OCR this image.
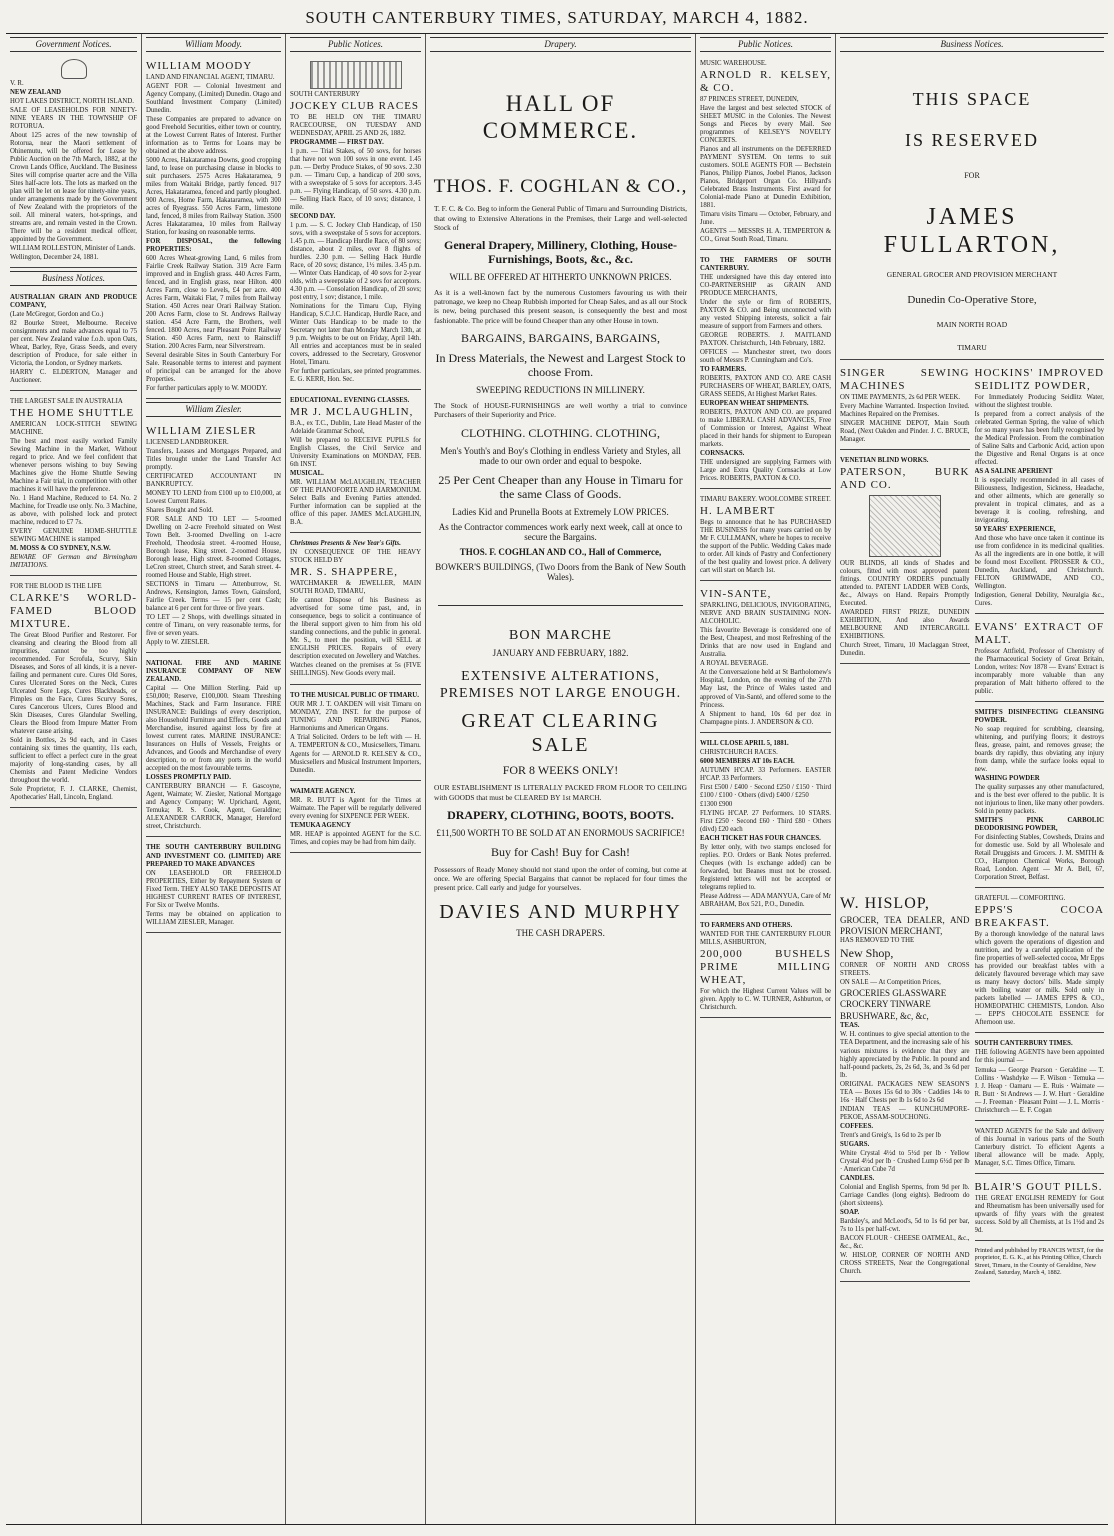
SOUTH CANTERBURY TIMES, SATURDAY, MARCH 4, 1882.
Government Notices.

V. R.

NEW ZEALAND

HOT LAKES DISTRICT, NORTH ISLAND.

SALE OF LEASEHOLDS FOR NINETY-NINE YEARS IN THE TOWNSHIP OF ROTORUA.

About 125 acres of the new township of Rotorua, near the Maori settlement of Ohinemutu, will be offered for Lease by Public Auction on the 7th March, 1882, at the Crown Lands Office, Auckland. The Business Sites will comprise quarter acre and the Villa Sites half-acre lots. The lots as marked on the plan will be let on lease for ninety-nine years, under arrangements made by the Government of New Zealand with the proprietors of the soil. All mineral waters, hot-springs, and streams are, and remain vested in the Crown. There will be a resident medical officer, appointed by the Government.

WILLIAM ROLLESTON, Minister of Lands.

Wellington, December 24, 1881.

Business Notices.

AUSTRALIAN GRAIN AND PRODUCE COMPANY,

(Late McGregor, Gordon and Co.)

82 Bourke Street, Melbourne. Receive consignments and make advances equal to 75 per cent. New Zealand value f.o.b. upon Oats, Wheat, Barley, Rye, Grass Seeds, and every description of Produce, for sale either in Victoria, the London, or Sydney markets.

HARRY C. ELDERTON, Manager and Auctioneer.

THE LARGEST SALE IN AUSTRALIA

THE HOME SHUTTLE

AMERICAN LOCK-STITCH SEWING MACHINE.

The best and most easily worked Family Sewing Machine in the Market, Without regard to price. And we feel confident that whenever persons wishing to buy Sewing Machines give the Home Shuttle Sewing Machine a Fair trial, in competition with other machines it will have the preference.

No. 1 Hand Machine, Reduced to £4. No. 2 Machine, for Treadle use only. No. 3 Machine, as above, with polished lock and protect machine, reduced to £7 7s.

EVERY GENUINE HOME-SHUTTLE SEWING MACHINE is stamped

M. MOSS & CO SYDNEY, N.S.W.

BEWARE OF German and Birmingham IMITATIONS.

FOR THE BLOOD IS THE LIFE

CLARKE'S WORLD-FAMED BLOOD MIXTURE.

The Great Blood Purifier and Restorer. For cleansing and clearing the Blood from all impurities, cannot be too highly recommended. For Scrofula, Scurvy, Skin Diseases, and Sores of all kinds, it is a never-failing and permanent cure. Cures Old Sores, Cures Ulcerated Sores on the Neck, Cures Ulcerated Sore Legs, Cures Blackheads, or Pimples on the Face, Cures Scurvy Sores, Cures Cancerous Ulcers, Cures Blood and Skin Diseases, Cures Glandular Swelling, Clears the Blood from Impure Matter From whatever cause arising.

Sold in Bottles, 2s 9d each, and in Cases containing six times the quantity, 11s each, sufficient to effect a perfect cure in the great majority of long-standing cases, by all Chemists and Patent Medicine Vendors throughout the world.

Sole Proprietor, F. J. CLARKE, Chemist, Apothecaries' Hall, Lincoln, England.

William Moody.

WILLIAM MOODY

LAND AND FINANCIAL AGENT, TIMARU.

AGENT FOR — Colonial Investment and Agency Company, (Limited) Dunedin. Otago and Southland Investment Company (Limited) Dunedin.

These Companies are prepared to advance on good Freehold Securities, either town or country, at the Lowest Current Rates of Interest. Further information as to Terms for Loans may be obtained at the above address.

5000 Acres, Hakataramea Downs, good cropping land, to lease on purchasing clause in blocks to suit purchasers. 2575 Acres Hakataramea, 9 miles from Waitaki Bridge, partly fenced. 917 Acres, Hakataramea, fenced and partly ploughed. 900 Acres, Home Farm, Hakataramea, with 300 acres of Ryegrass. 550 Acres Farm, limestone land, fenced, 8 miles from Railway Station. 3500 Acres Hakataramea, 10 miles from Railway Station, for leasing on reasonable terms.

FOR DISPOSAL, the following PROPERTIES:

600 Acres Wheat-growing Land, 6 miles from Fairlie Creek Railway Station. 319 Acre Farm improved and in English grass. 440 Acres Farm, fenced, and in English grass, near Hilton. 400 Acres Farm, close to Levels, £4 per acre. 400 Acres Farm, Waitaki Flat, 7 miles from Railway Station. 450 Acres near Orari Railway Station. 200 Acres Farm, close to St. Andrews Railway station. 454 Acre Farm, the Brothers, well fenced. 1800 Acres, near Pleasant Point Railway Station. 450 Acres Farm, next to Rainscliff Station. 200 Acres Farm, near Silverstream.

Several desirable Sites in South Canterbury For Sale. Reasonable terms to interest and payment of principal can be arranged for the above Properties.

For further particulars apply to W. MOODY.

William Ziesler.

WILLIAM ZIESLER

LICENSED LANDBROKER.

Transfers, Leases and Mortgages Prepared, and Titles brought under the Land Transfer Act promptly.

CERTIFICATED ACCOUNTANT IN BANKRUPTCY.

MONEY TO LEND from £100 up to £10,000, at Lowest Current Rates.

Shares Bought and Sold.

FOR SALE AND TO LET — 5-roomed Dwelling on 2-acre Freehold situated on West Town Belt. 3-roomed Dwelling on 1-acre Freehold, Theodosia street. 4-roomed House, Borough lease, King street. 2-roomed House, Borough lease, High street. 8-roomed Cottages, LeCren street, Church street, and Sarah street. 4-roomed House and Stable, High street.

SECTIONS in Timaru — Attenburrow, St. Andrews, Kensington, James Town, Gainsford, Fairlie Creek. Terms — 15 per cent Cash; balance at 6 per cent for three or five years.

TO LET — 2 Shops, with dwellings situated in centre of Timaru, on very reasonable terms, for five or seven years.

Apply to W. ZIESLER.

NATIONAL FIRE AND MARINE INSURANCE COMPANY OF NEW ZEALAND.

Capital — One Million Sterling. Paid up £50,000; Reserve, £100,000. Steam Threshing Machines, Stack and Farm Insurance. FIRE INSURANCE: Buildings of every description, also Household Furniture and Effects, Goods and Merchandise, insured against loss by fire at lowest current rates. MARINE INSURANCE: Insurances on Hulls of Vessels, Freights or Advances, and Goods and Merchandise of every description, to or from any ports in the world accepted on the most favourable terms.

LOSSES PROMPTLY PAID.

CANTERBURY BRANCH — F. Gascoyne, Agent, Waimate; W. Ziesler, National Mortgage and Agency Company; W. Uprichard, Agent, Temuka; R. S. Cook, Agent, Geraldine; ALEXANDER CARRICK, Manager, Hereford street, Christchurch.

THE SOUTH CANTERBURY BUILDING AND INVESTMENT CO. (LIMITED) ARE PREPARED TO MAKE ADVANCES

ON LEASEHOLD OR FREEHOLD PROPERTIES, Either by Repayment System or Fixed Term. THEY ALSO TAKE DEPOSITS AT HIGHEST CURRENT RATES OF INTEREST, For Six or Twelve Months.

Terms may be obtained on application to WILLIAM ZIESLER, Manager.

Public Notices.

SOUTH CANTERBURY

JOCKEY CLUB RACES

TO BE HELD ON THE TIMARU RACECOURSE, ON TUESDAY AND WEDNESDAY, APRIL 25 AND 26, 1882.

PROGRAMME — FIRST DAY.

1 p.m. — Trial Stakes, of 50 sovs, for horses that have not won 100 sovs in one event. 1.45 p.m. — Derby Produce Stakes, of 90 sovs. 2.30 p.m. — Timaru Cup, a handicap of 200 sovs, with a sweepstake of 5 sovs for acceptors. 3.45 p.m. — Flying Handicap, of 50 sovs. 4.30 p.m. — Selling Hack Race, of 10 sovs; distance, 1 mile.

SECOND DAY.

1 p.m. — S. C. Jockey Club Handicap, of 150 sovs, with a sweepstake of 5 sovs for acceptors. 1.45 p.m. — Handicap Hurdle Race, of 80 sovs; distance, about 2 miles, over 8 flights of hurdles. 2.30 p.m. — Selling Hack Hurdle Race, of 20 sovs; distance, 1½ miles. 3.45 p.m. — Winter Oats Handicap, of 40 sovs for 2-year olds, with a sweepstake of 2 sovs for acceptors. 4.30 p.m. — Consolation Handicap, of 20 sovs; post entry, 1 sov; distance, 1 mile.

Nominations for the Timaru Cup, Flying Handicap, S.C.J.C. Handicap, Hurdle Race, and Winter Oats Handicap to be made to the Secretary not later than Monday March 13th, at 9 p.m. Weights to be out on Friday, April 14th. All entries and acceptances must be in sealed covers, addressed to the Secretary, Grosvenor Hotel, Timaru.

For further particulars, see printed programmes. E. G. KERR, Hon. Sec.

EDUCATIONAL. EVENING CLASSES.

MR J. MCLAUGHLIN,

B.A., ex T.C., Dublin, Late Head Master of the Adelaide Grammar School,

Will be prepared to RECEIVE PUPILS for English Classes, the Civil Service and University Examinations on MONDAY, FEB. 6th INST.

MUSICAL.

MR. WILLIAM McLAUGHLIN, TEACHER OF THE PIANOFORTE AND HARMONIUM. Select Balls and Evening Parties attended. Further information can be supplied at the office of this paper. JAMES McLAUGHLIN, B.A.

Christmas Presents & New Year's Gifts.

IN CONSEQUENCE OF THE HEAVY STOCK HELD BY

MR. S. SHAPPERE,

WATCHMAKER & JEWELLER, MAIN SOUTH ROAD, TIMARU,

He cannot Dispose of his Business as advertised for some time past, and, in consequence, begs to solicit a continuance of the liberal support given to him from his old standing connections, and the public in general. Mr. S., to meet the position, will SELL at ENGLISH PRICES. Repairs of every description executed on Jewellery and Watches.

Watches cleaned on the premises at 5s (FIVE SHILLINGS). New Goods every mail.

TO THE MUSICAL PUBLIC OF TIMARU.

OUR MR J. T. OAKDEN will visit Timaru on MONDAY, 27th INST. for the purpose of TUNING AND REPAIRING Pianos, Harmoniums and American Organs.

A Trial Solicited. Orders to be left with — H. A. TEMPERTON & CO., Musicsellers, Timaru.

Agents for — ARNOLD R. KELSEY & CO., Musicsellers and Musical Instrument Importers, Dunedin.

WAIMATE AGENCY.

MR. R. BUTT is Agent for the Times at Waimate. The Paper will be regularly delivered every evening for SIXPENCE PER WEEK.

TEMUKA AGENCY

MR. HEAP is appointed AGENT for the S.C. Times, and copies may be had from him daily.

Drapery.
HALL OF COMMERCE.
THOS. F. COGHLAN & CO.,
T. F. C. & Co. Beg to inform the General Public of Timaru and Surrounding Districts, that owing to Extensive Alterations in the Premises, their Large and well-selected Stock of
General Drapery, Millinery, Clothing, House-Furnishings, Boots, &c., &c.
WILL BE OFFERED AT HITHERTO UNKNOWN PRICES.
As it is a well-known fact by the numerous Customers favouring us with their patronage, we keep no Cheap Rubbish imported for Cheap Sales, and as all our Stock is new, being purchased this present season, is consequently the best and most fashionable. The price will be found Cheaper than any other House in town.
BARGAINS, BARGAINS, BARGAINS,
In Dress Materials, the Newest and Largest Stock to choose From.
SWEEPING REDUCTIONS IN MILLINERY.
The Stock of HOUSE-FURNISHINGS are well worthy a trial to convince Purchasers of their Superiority and Price.
CLOTHING. CLOTHING. CLOTHING,
Men's Youth's and Boy's Clothing in endless Variety and Styles, all made to our own order and equal to bespoke.
25 Per Cent Cheaper than any House in Timaru for the same Class of Goods.
Ladies Kid and Prunella Boots at Extremely LOW PRICES.
As the Contractor commences work early next week, call at once to secure the Bargains.
THOS. F. COGHLAN AND CO., Hall of Commerce,
BOWKER'S BUILDINGS, (Two Doors from the Bank of New South Wales).
BON MARCHE
JANUARY AND FEBRUARY, 1882.
EXTENSIVE ALTERATIONS, PREMISES NOT LARGE ENOUGH.
GREAT CLEARING SALE
FOR 8 WEEKS ONLY!
OUR ESTABLISHMENT IS LITERALLY PACKED FROM FLOOR TO CEILING with GOODS that must be CLEARED BY 1st MARCH.
DRAPERY, CLOTHING, BOOTS, BOOTS.
£11,500 WORTH TO BE SOLD AT AN ENORMOUS SACRIFICE!
Buy for Cash! Buy for Cash!
Possessors of Ready Money should not stand upon the order of coming, but come at once. We are offering Special Bargains that cannot be replaced for four times the present price. Call early and judge for yourselves.
DAVIES AND MURPHY
THE CASH DRAPERS.
Public Notices.

MUSIC WAREHOUSE.

ARNOLD R. KELSEY, & CO.

87 PRINCES STREET, DUNEDIN,

Have the largest and best selected STOCK of SHEET MUSIC in the Colonies. The Newest Songs and Pieces by every Mail. See programmes of KELSEY'S NOVELTY CONCERTS.

Pianos and all instruments on the DEFERRED PAYMENT SYSTEM. On terms to suit customers. SOLE AGENTS FOR — Bechstein Pianos, Philipp Pianos, Joebel Pianos, Jackson Pianos, Bridgeport Organ Co. Hillyard's Celebrated Brass Instruments. First award for Colonial-made Piano at Dunedin Exhibition, 1881.

Timaru visits Timaru — October, February, and June.

AGENTS — MESSRS H. A. TEMPERTON & CO., Great South Road, Timaru.

TO THE FARMERS OF SOUTH CANTERBURY.

THE undersigned have this day entered into CO-PARTNERSHIP as GRAIN AND PRODUCE MERCHANTS,

Under the style or firm of ROBERTS, PAXTON & CO. and Being unconnected with any vested Shipping interests, solicit a fair measure of support from Farmers and others.

GEORGE ROBERTS. J. MAITLAND PAXTON. Christchurch, 14th February, 1882.

OFFICES — Manchester street, two doors south of Messrs P. Cunningham and Co's.

TO FARMERS.

ROBERTS, PAXTON AND CO. ARE CASH PURCHASERS OF WHEAT, BARLEY, OATS, GRASS SEEDS, At Highest Market Rates.

EUROPEAN WHEAT SHIPMENTS.

ROBERTS, PAXTON AND CO. are prepared to make LIBERAL CASH ADVANCES, Free of Commission or Interest, Against Wheat placed in their hands for shipment to European markets.

CORNSACKS.

THE undersigned are supplying Farmers with Large and Extra Quality Cornsacks at Low Prices. ROBERTS, PAXTON & CO.

TIMARU BAKERY. WOOLCOMBE STREET.

H. LAMBERT

Begs to announce that he has PURCHASED THE BUSINESS for many years carried on by Mr F. CULLMANN, where he hopes to receive the support of the Public. Wedding Cakes made to order. All kinds of Pastry and Confectionery of the best quality and lowest price. A delivery cart will start on March 1st.

VIN-SANTE,

SPARKLING, DELICIOUS, INVIGORATING, NERVE AND BRAIN SUSTAINING NON-ALCOHOLIC.

This favourite Beverage is considered one of the Best, Cheapest, and most Refreshing of the Drinks that are now used in England and Australia.

A ROYAL BEVERAGE.

At the Conversazione held at St Bartholomew's Hospital, London, on the evening of the 27th May last, the Prince of Wales tasted and approved of Vin-Santé, and offered some to the Princess.

A Shipment to hand, 10s 6d per doz in Champagne pints. J. ANDERSON & CO.

WILL CLOSE APRIL 5, 1881.

CHRISTCHURCH RACES.

6000 MEMBERS AT 10s EACH.

AUTUMN H'CAP. 33 Performers. EASTER H'CAP. 33 Performers.

First £500 / £400 · Second £250 / £150 · Third £100 / £100 · Others (divd) £400 / £250

£1300 £900

FLYING H'CAP. 27 Performers. 10 STARS. First £250 · Second £60 · Third £80 · Others (divd) £20 each

EACH TICKET HAS FOUR CHANCES.

By letter only, with two stamps enclosed for replies. P.O. Orders or Bank Notes preferred. Cheques (with 1s exchange added) can be forwarded, but Beanes must not be crossed. Registered letters will not be accepted or telegrams replied to.

Please Address — ADA MANYUA, Care of Mr ABRAHAM, Box 521, P.O., Dunedin.

TO FARMERS AND OTHERS.

WANTED FOR THE CANTERBURY FLOUR MILLS, ASHBURTON,

200,000 BUSHELS PRIME MILLING WHEAT,

For which the Highest Current Values will be given. Apply to C. W. TURNER, Ashburton, or Christchurch.

Business Notices.
THIS SPACE
IS RESERVED
FOR
JAMES FULLARTON,
GENERAL GROCER AND PROVISION MERCHANT
Dunedin Co-Operative Store,
MAIN NORTH ROAD
TIMARU

SINGER SEWING MACHINES

ON TIME PAYMENTS, 2s 6d PER WEEK.

Every Machine Warranted. Inspection Invited. Machines Repaired on the Premises.

SINGER MACHINE DEPOT, Main South Road, (Next Oakden and Pinder. J. C. BRUCE, Manager.

VENETIAN BLIND WORKS.

PATERSON, BURK AND CO.

OUR BLINDS, all kinds of Shades and colours, fitted with most approved patent fittings. COUNTRY ORDERS punctually attended to. PATENT LADDER WEB Cords, &c., Always on Hand. Repairs Promptly Executed.

AWARDED FIRST PRIZE, DUNEDIN EXHIBITION, And also Awards MELBOURNE AND INTERCARGILL EXHIBITIONS.

Church Street, Timaru, 10 Maclaggan Street, Dunedin.

HOCKINS' IMPROVED SEIDLITZ POWDER,

For Immediately Producing Seidlitz Water, without the slightest trouble.

Is prepared from a correct analysis of the celebrated German Spring, the value of which for so many years has been fully recognised by the Medical Profession. From the combination of Saline Salts and Carbonic Acid, action upon the Digestive and Renal Organs is at once effected.

AS A SALINE APERIENT

It is especially recommended in all cases of Biliousness, Indigestion, Sickness, Headache, and other ailments, which are generally so prevalent in tropical climates, and as a beverage it is cooling, refreshing, and invigorating.

50 YEARS' EXPERIENCE,

And those who have once taken it continue its use from confidence in its medicinal qualities. As all the ingredients are in one bottle, it will be found most Excellent. PROSSER & CO., Dunedin, Auckland, and Christchurch. FELTON GRIMWADE, AND CO., Wellington.

Indigestion, General Debility, Neuralgia &c., Cures.

EVANS' EXTRACT OF MALT.

Professor Attfield, Professor of Chemistry of the Pharmaceutical Society of Great Britain, London, writes: Nov 1878 — Evans' Extract is incomparably more valuable than any preparation of Malt hitherto offered to the public.

SMITH'S DISINFECTING CLEANSING POWDER.

No soap required for scrubbing, cleansing, whitening, and purifying floors; it destroys fleas, grease, paint, and removes grease; the boards dry rapidly, thus obviating any injury from damp, while the surface looks equal to new.

WASHING POWDER

The quality surpasses any other manufactured, and is the best ever offered to the public. It is not injurious to linen, like many other powders. Sold in penny packets.

SMITH'S PINK CARBOLIC DEODORISING POWDER,

For disinfecting Stables, Cowsheds, Drains and for domestic use. Sold by all Wholesale and Retail Druggists and Grocers. J. M. SMITH & CO., Hampton Chemical Works, Borough Road, London. Agent — Mr A. Bell, 67, Corporation Street, Belfast.

W. HISLOP,

GROCER, TEA DEALER, AND PROVISION MERCHANT,

HAS REMOVED TO THE

New Shop,

CORNER OF NORTH AND CROSS STREETS.

ON SALE — At Competition Prices,

GROCERIES GLASSWARE

CROCKERY TINWARE

BRUSHWARE, &c, &c,

TEAS.

W. H. continues to give special attention to the TEA Department, and the increasing sale of his various mixtures is evidence that they are highly appreciated by the Public. In pound and half-pound packets, 2s, 2s 6d, 3s, and 3s 6d per lb.

ORIGINAL PACKAGES NEW SEASON'S TEA — Boxes 15s 6d to 30s · Caddies 14s to 16s · Half Chests per lb 1s 6d to 2s 6d

INDIAN TEAS — KUNCHUMPORE-PEKOE, ASSAM-SOUCHONG.

COFFEES.

Trent's and Greig's, 1s 6d to 2s per lb

SUGARS.

White Crystal 4½d to 5½d per lb · Yellow Crystal 4½d per lb · Crushed Lump 6½d per lb · American Cube 7d

CANDLES.

Colonial and English Sperms, from 9d per lb. Carriage Candles (long eights). Bedroom do (short sixteens).

SOAP.

Bardsley's, and McLeod's, 5d to 1s 6d per bar, 7s to 11s per half-cwt.

BACON FLOUR · CHEESE OATMEAL, &c., &c., &c.

W. HISLOP, CORNER OF NORTH AND CROSS STREETS, Near the Congregational Church.

GRATEFUL — COMFORTING.

EPPS'S COCOA BREAKFAST.

By a thorough knowledge of the natural laws which govern the operations of digestion and nutrition, and by a careful application of the fine properties of well-selected cocoa, Mr Epps has provided our breakfast tables with a delicately flavoured beverage which may save us many heavy doctors' bills. Made simply with boiling water or milk. Sold only in packets labelled — JAMES EPPS & CO., HOMŒOPATHIC CHEMISTS, London. Also — EPP'S CHOCOLATE ESSENCE for Afternoon use.

SOUTH CANTERBURY TIMES.

THE following AGENTS have been appointed for this journal —

Temuka — George Pearson · Geraldine — T. Collins · Washdyke — F. Wilson · Temuka — J. J. Heap · Oamaru — E. Ruis · Waimate — R. Butt · St Andrews — J. W. Hurt · Geraldine — J. Freeman · Pleasant Point — J. L. Morris · Christchurch — E. F. Cogan

WANTED AGENTS for the Sale and delivery of this Journal in various parts of the South Canterbury district. To efficient Agents a liberal allowance will be made. Apply, Manager, S.C. Times Office, Timaru.

BLAIR'S GOUT PILLS.

THE GREAT ENGLISH REMEDY for Gout and Rheumatism has been universally used for upwards of fifty years with the greatest success. Sold by all Chemists, at 1s 1½d and 2s 9d.

Printed and published by FRANCIS WEST, for the proprietor, E. G. K., at his Printing Office, Church Street, Timaru, in the County of Geraldine, New Zealand, Saturday, March 4, 1882.
